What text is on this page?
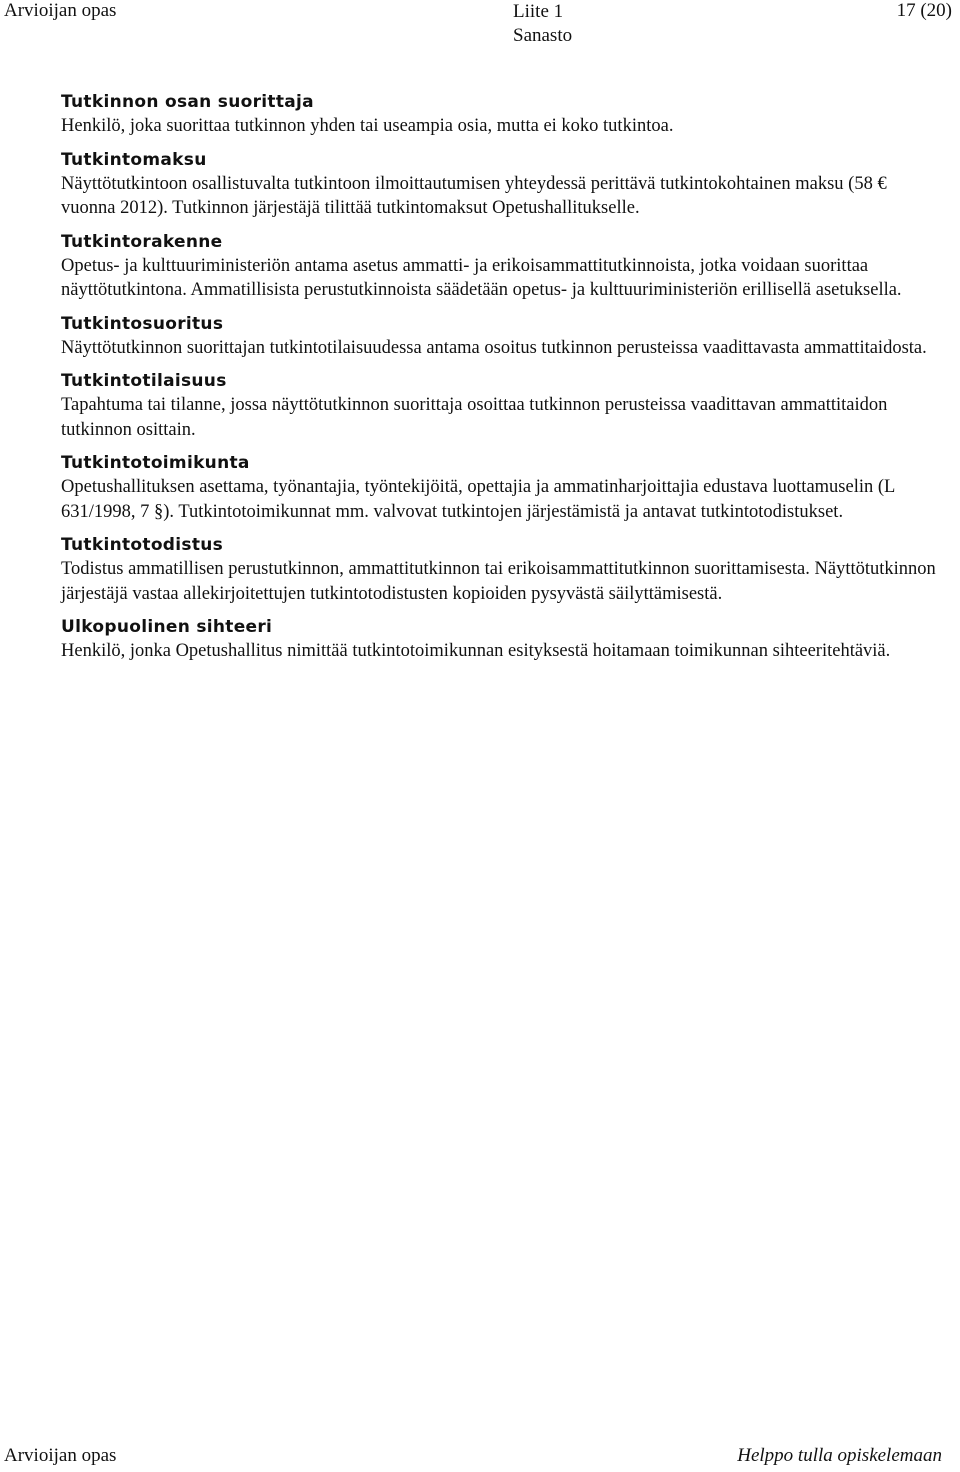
Arvioijan opas	Liite 1
Sanasto
17 (20)

Tutkinnon osan suorittaja

Henkilö, joka suorittaa tutkinnon yhden tai useampia osia, mutta ei koko tutkintoa.

Tutkintomaksu

Näyttötutkintoon osallistuvalta tutkintoon ilmoittautumisen yhteydessä perittävä tutkintokohtainen maksu (58 € vuonna 2012). Tutkinnon järjestäjä tilittää tutkintomaksut Opetushallitukselle.

Tutkintorakenne

Opetus- ja kulttuuriministeriön antama asetus ammatti- ja erikoisammattitutkinnoista, jotka voidaan suorittaa näyttötutkintona. Ammatillisista perustutkinnoista säädetään opetus- ja kulttuuriministeriön erillisellä asetuksella.

Tutkintosuoritus

Näyttötutkinnon suorittajan tutkintotilaisuudessa antama osoitus tutkinnon perusteissa vaadittavasta ammattitaidosta.

Tutkintotilaisuus

Tapahtuma tai tilanne, jossa näyttötutkinnon suorittaja osoittaa tutkinnon perusteissa vaadittavan ammattitaidon tutkinnon osittain.

Tutkintotoimikunta

Opetushallituksen asettama, työnantajia, työntekijöitä, opettajia ja ammatinharjoittajia edustava luottamuselin (L 631/1998, 7 §). Tutkintotoimikunnat mm. valvovat tutkintojen järjestämistä ja antavat tutkintotodistukset.

Tutkintotodistus

Todistus ammatillisen perustutkinnon, ammattitutkinnon tai erikoisammattitutkinnon suorittamisesta. Näyttötutkinnon järjestäjä vastaa allekirjoitettujen tutkintotodistusten kopioiden pysyvästä säilyttämisestä.

Ulkopuolinen sihteeri

Henkilö, jonka Opetushallitus nimittää tutkintotoimikunnan esityksestä hoitamaan toimikunnan sihteeritehtäviä.

Arvioijan opas	Helppo tulla opiskelemaan
